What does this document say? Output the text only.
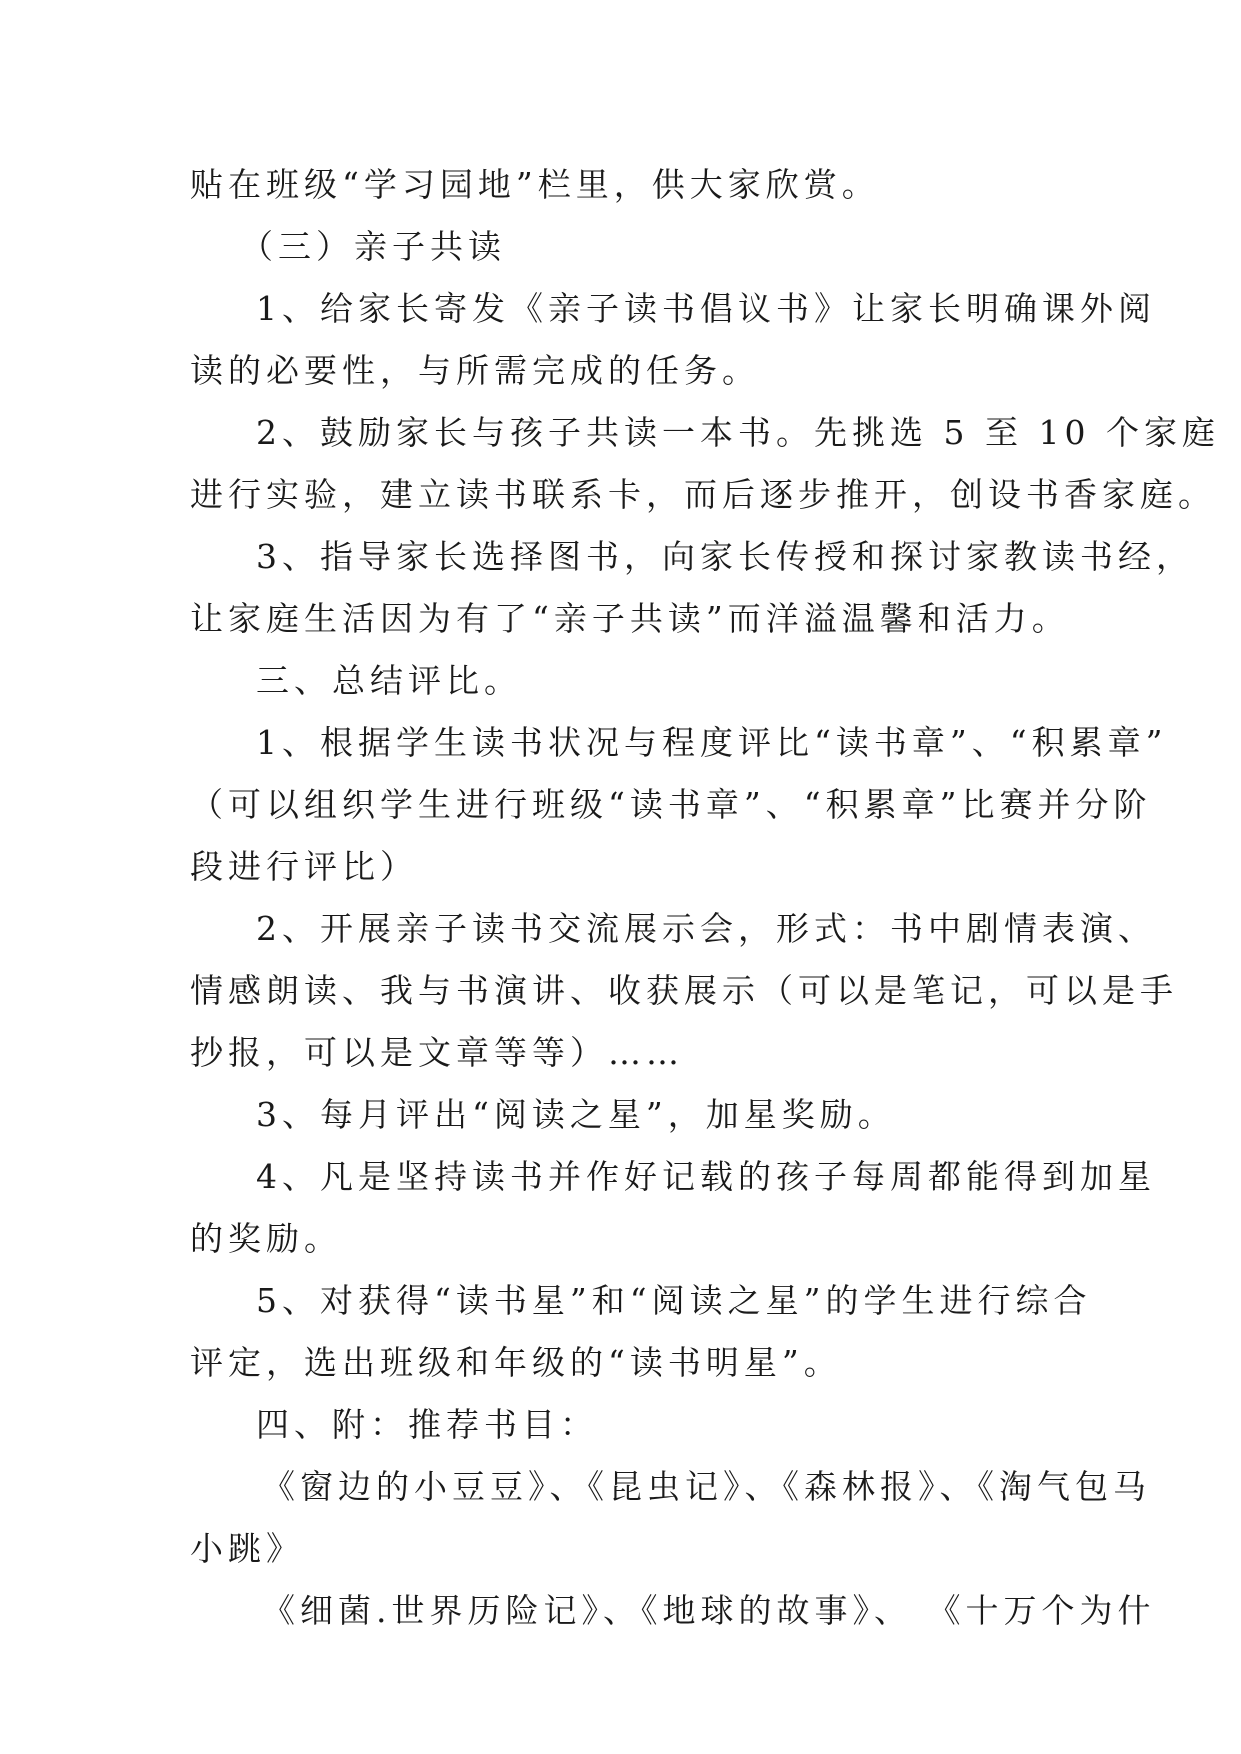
贴在班级“学习园地”栏里，供大家欣赏。
（三）亲子共读
1、给家长寄发《亲子读书倡议书》让家长明确课外阅
读的必要性，与所需完成的任务。
2、鼓励家长与孩子共读一本书。先挑选 5 至 10 个家庭
进行实验，建立读书联系卡，而后逐步推开，创设书香家庭。
3、指导家长选择图书，向家长传授和探讨家教读书经，
让家庭生活因为有了“亲子共读”而洋溢温馨和活力。
三、总结评比。
1、根据学生读书状况与程度评比“读书章”、“积累章”
（可以组织学生进行班级“读书章”、“积累章”比赛并分阶
段进行评比）
2、开展亲子读书交流展示会，形式：书中剧情表演、
情感朗读、我与书演讲、收获展示（可以是笔记，可以是手
抄报，可以是文章等等）……
3、每月评出“阅读之星”，加星奖励。
4、凡是坚持读书并作好记载的孩子每周都能得到加星
的奖励。
5、对获得“读书星”和“阅读之星”的学生进行综合
评定，选出班级和年级的“读书明星”。
四、附：推荐书目：
《窗边的小豆豆》、《昆虫记》、《森林报》、《淘气包马
小跳》
《细菌.世界历险记》、《地球的故事》、 《十万个为什
